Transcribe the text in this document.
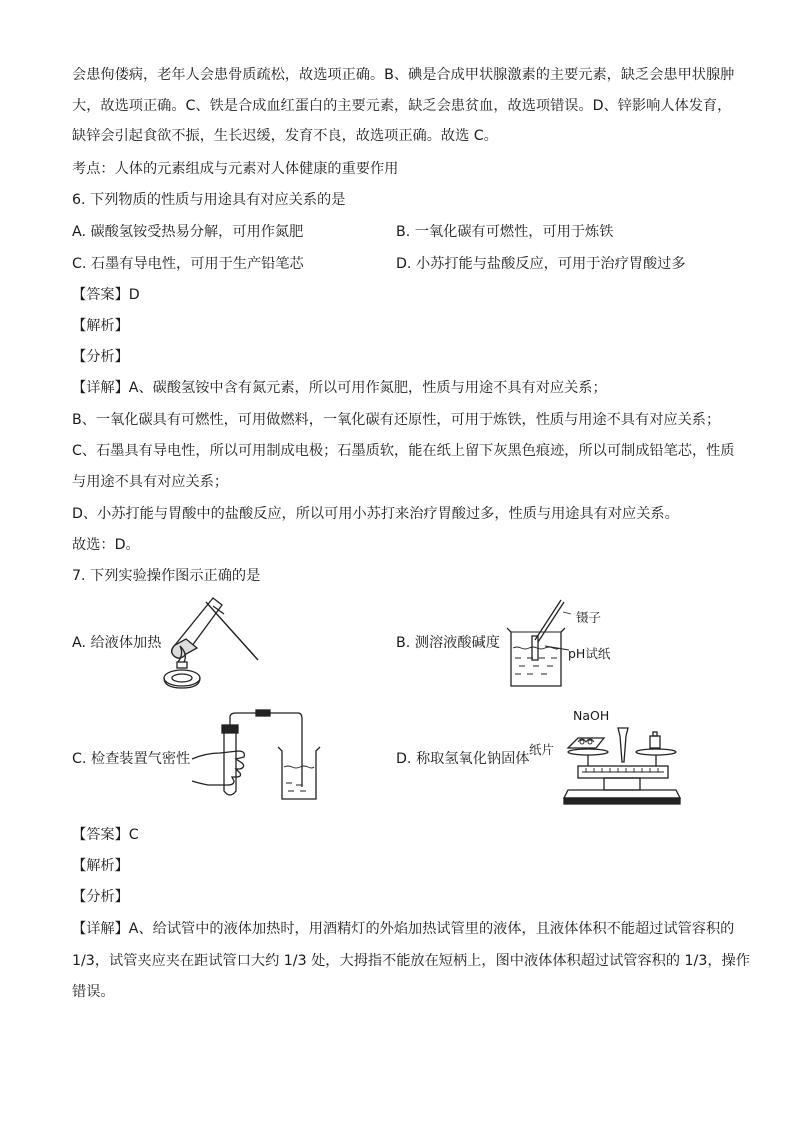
会患佝偻病，老年人会患骨质疏松，故选项正确。B、碘是合成甲状腺激素的主要元素，缺乏会患甲状腺肿
大，故选项正确。C、铁是合成血红蛋白的主要元素，缺乏会患贫血，故选项错误。D、锌影响人体发育，
缺锌会引起食欲不振，生长迟缓，发育不良，故选项正确。故选 C。
考点：人体的元素组成与元素对人体健康的重要作用
6. 下列物质的性质与用途具有对应关系的是
A. 碳酸氢铵受热易分解，可用作氮肥	B. 一氧化碳有可燃性，可用于炼铁
C. 石墨有导电性，可用于生产铅笔芯	D. 小苏打能与盐酸反应，可用于治疗胃酸过多
【答案】D
【解析】
【分析】
【详解】A、碳酸氢铵中含有氮元素，所以可用作氮肥，性质与用途不具有对应关系；
B、一氧化碳具有可燃性，可用做燃料，一氧化碳有还原性，可用于炼铁，性质与用途不具有对应关系；
C、石墨具有导电性，所以可用制成电极；石墨质软，能在纸上留下灰黑色痕迹，所以可制成铅笔芯，性质
与用途不具有对应关系；
D、小苏打能与胃酸中的盐酸反应，所以可用小苏打来治疗胃酸过多，性质与用途具有对应关系。
故选：D。
7. 下列实验操作图示正确的是
A. 给液体加热	B. 测溶液酸碱度
镊子
pH试纸
C. 检查装置气密性	D. 称取氢氧化钠固体
NaOH
纸片
【答案】C
【解析】
【分析】
【详解】A、给试管中的液体加热时，用酒精灯的外焰加热试管里的液体，且液体体积不能超过试管容积的
1/3，试管夹应夹在距试管口大约 1/3 处，大拇指不能放在短柄上，图中液体体积超过试管容积的 1/3，操作
错误。
